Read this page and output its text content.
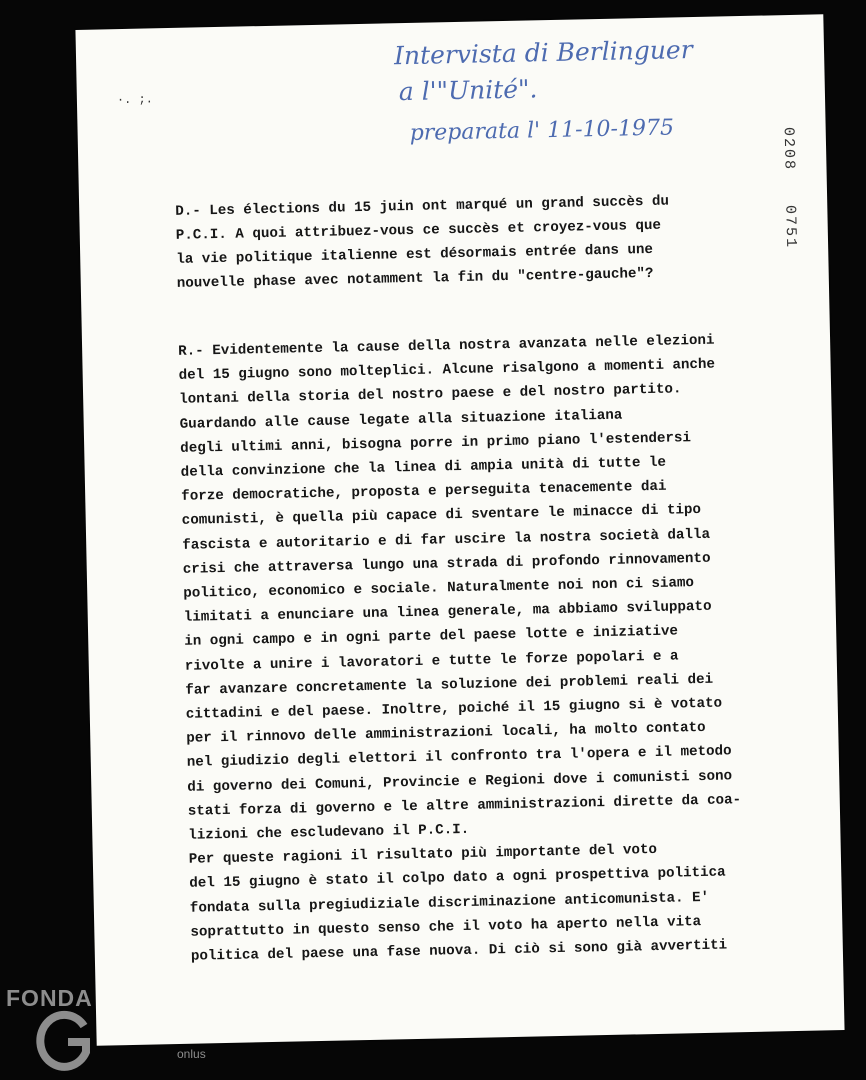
·. ;.
Intervista di Berlinguer
a l'"Unité".
preparata l' 11-10-1975	0208
0751
D.- Les élections du 15 juin ont marqué un grand succès du
P.C.I. A quoi attribuez-vous ce succès et croyez-vous que
la vie politique italienne est désormais entrée dans une
nouvelle phase avec notamment la fin du "centre-gauche"?
R.- Evidentemente la cause della nostra avanzata nelle elezioni
del 15 giugno sono molteplici. Alcune risalgono a momenti anche
lontani della storia del nostro paese e del nostro partito.
Guardando alle cause legate alla situazione italiana
degli ultimi anni, bisogna porre in primo piano l'estendersi
della convinzione che la linea di ampia unità di tutte le
forze democratiche, proposta e perseguita tenacemente dai
comunisti, è quella più capace di sventare le minacce di tipo
fascista e autoritario e di far uscire la nostra società dalla
crisi che attraversa lungo una strada di profondo rinnovamento
politico, economico e sociale. Naturalmente noi non ci siamo
limitati a enunciare una linea generale, ma abbiamo sviluppato
in ogni campo e in ogni parte del paese lotte e iniziative
rivolte a unire i lavoratori e tutte le forze popolari e a
far avanzare concretamente la soluzione dei problemi reali dei
cittadini e del paese. Inoltre, poiché il 15 giugno si è votato
per il rinnovo delle amministrazioni locali, ha molto contato
nel giudizio degli elettori il confronto tra l'opera e il metodo
di governo dei Comuni, Provincie e Regioni dove i comunisti sono
stati forza di governo e le altre amministrazioni dirette da coa-
lizioni che escludevano il P.C.I.
Per queste ragioni il risultato più importante del voto
del 15 giugno è stato il colpo dato a ogni prospettiva politica
fondata sulla pregiudiziale discriminazione anticomunista. E'
soprattutto in questo senso che il voto ha aperto nella vita
politica del paese una fase nuova. Di ciò si sono già avvertiti
FONDA
onlus
